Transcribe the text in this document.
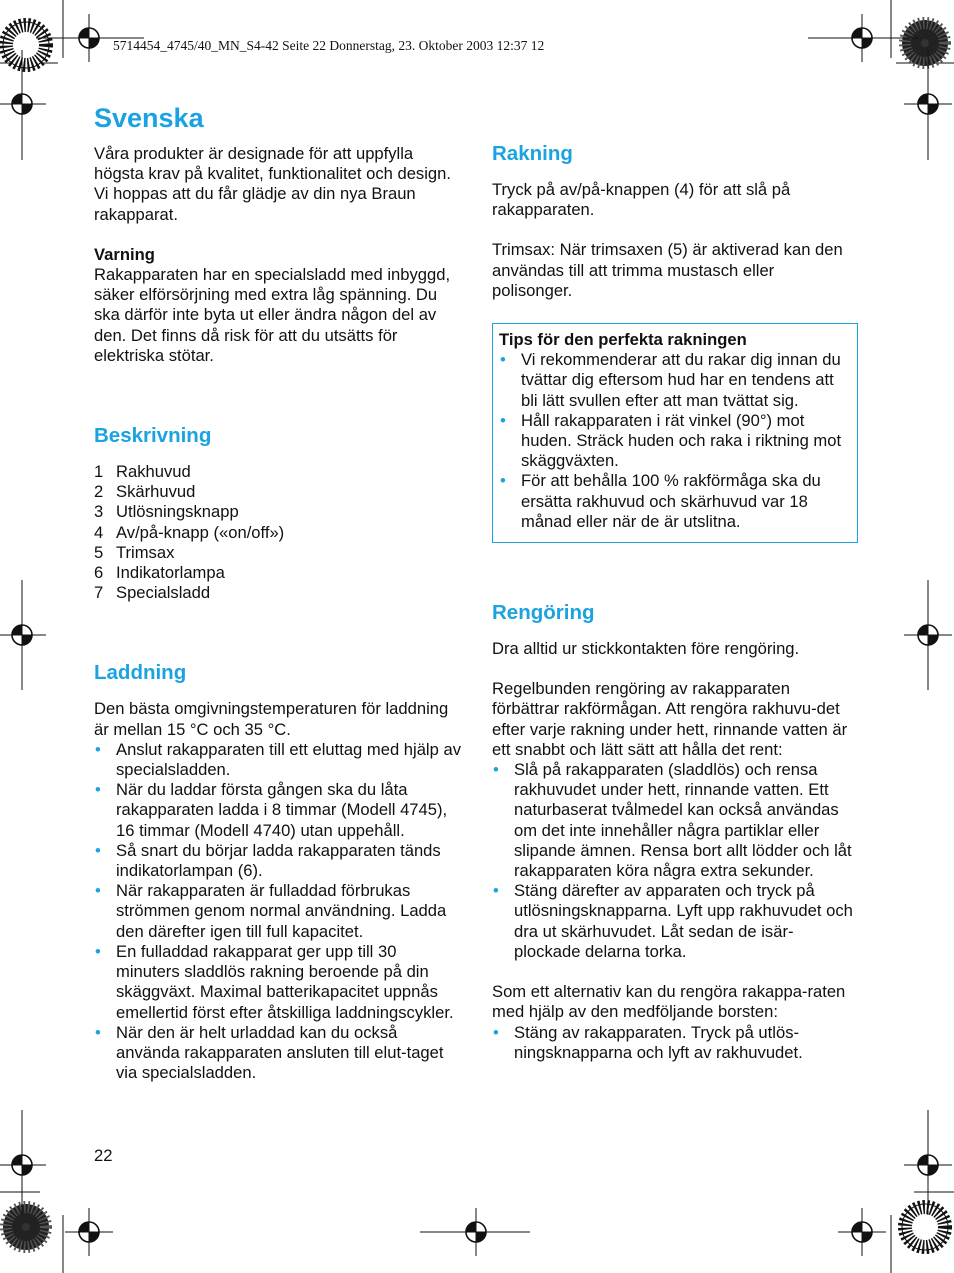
5714454_4745/40_MN_S4-42 Seite 22 Donnerstag, 23. Oktober 2003 12:37 12
Svenska

Våra produkter är designade för att uppfylla högsta krav på kvalitet, funktionalitet och design. Vi hoppas att du får glädje av din nya Braun rakapparat.

Varning

Rakapparaten har en specialsladd med inbyggd, säker elförsörjning med extra låg spänning. Du ska därför inte byta ut eller ändra någon del av den. Det finns då risk för att du utsätts för elektriska stötar.

Beskrivning
1 Rakhuvud
2 Skärhuvud
3 Utlösningsknapp
4 Av/på-knapp («on/off»)
5 Trimsax
6 Indikatorlampa
7 Specialsladd
Laddning

Den bästa omgivningstemperaturen för laddning är mellan 15 °C och 35 °C.

• Anslut rakapparaten till ett eluttag med hjälp av specialsladden.
• När du laddar första gången ska du låta rakapparaten ladda i 8 timmar (Modell 4745), 16 timmar (Modell 4740) utan uppehåll.
• Så snart du börjar ladda rakapparaten tänds indikatorlampan (6).
• När rakapparaten är fulladdad förbrukas strömmen genom normal användning. Ladda den därefter igen till full kapacitet.
• En fulladdad rakapparat ger upp till 30 minuters sladdlös rakning beroende på din skäggväxt. Maximal batterikapacitet uppnås emellertid först efter åtskilliga laddningscykler.
• När den är helt urladdad kan du också använda rakapparaten ansluten till elut-taget via specialsladden.
Rakning

Tryck på av/på-knappen (4) för att slå på rakapparaten.

Trimsax: När trimsaxen (5) är aktiverad kan den användas till att trimma mustasch eller polisonger.

Tips för den perfekta rakningen

• Vi rekommenderar att du rakar dig innan du tvättar dig eftersom hud har en tendens att bli lätt svullen efter att man tvättat sig.
• Håll rakapparaten i rät vinkel (90°) mot huden. Sträck huden och raka i riktning mot skäggväxten.
• För att behålla 100 % rakförmåga ska du ersätta rakhuvud och skärhuvud var 18 månad eller när de är utslitna.
Rengöring

Dra alltid ur stickkontakten före rengöring.

Regelbunden rengöring av rakapparaten förbättrar rakförmågan. Att rengöra rakhuvu-det efter varje rakning under hett, rinnande vatten är ett snabbt och lätt sätt att hålla det rent:

• Slå på rakapparaten (sladdlös) och rensa rakhuvudet under hett, rinnande vatten. Ett naturbaserat tvålmedel kan också användas om det inte innehåller några partiklar eller slipande ämnen. Rensa bort allt lödder och låt rakapparaten köra några extra sekunder.
• Stäng därefter av apparaten och tryck på utlösningsknapparna. Lyft upp rakhuvudet och dra ut skärhuvudet. Låt sedan de isär-plockade delarna torka.

Som ett alternativ kan du rengöra rakappa-raten med hjälp av den medföljande borsten:

• Stäng av rakapparaten. Tryck på utlös-ningsknapparna och lyft av rakhuvudet.
22
